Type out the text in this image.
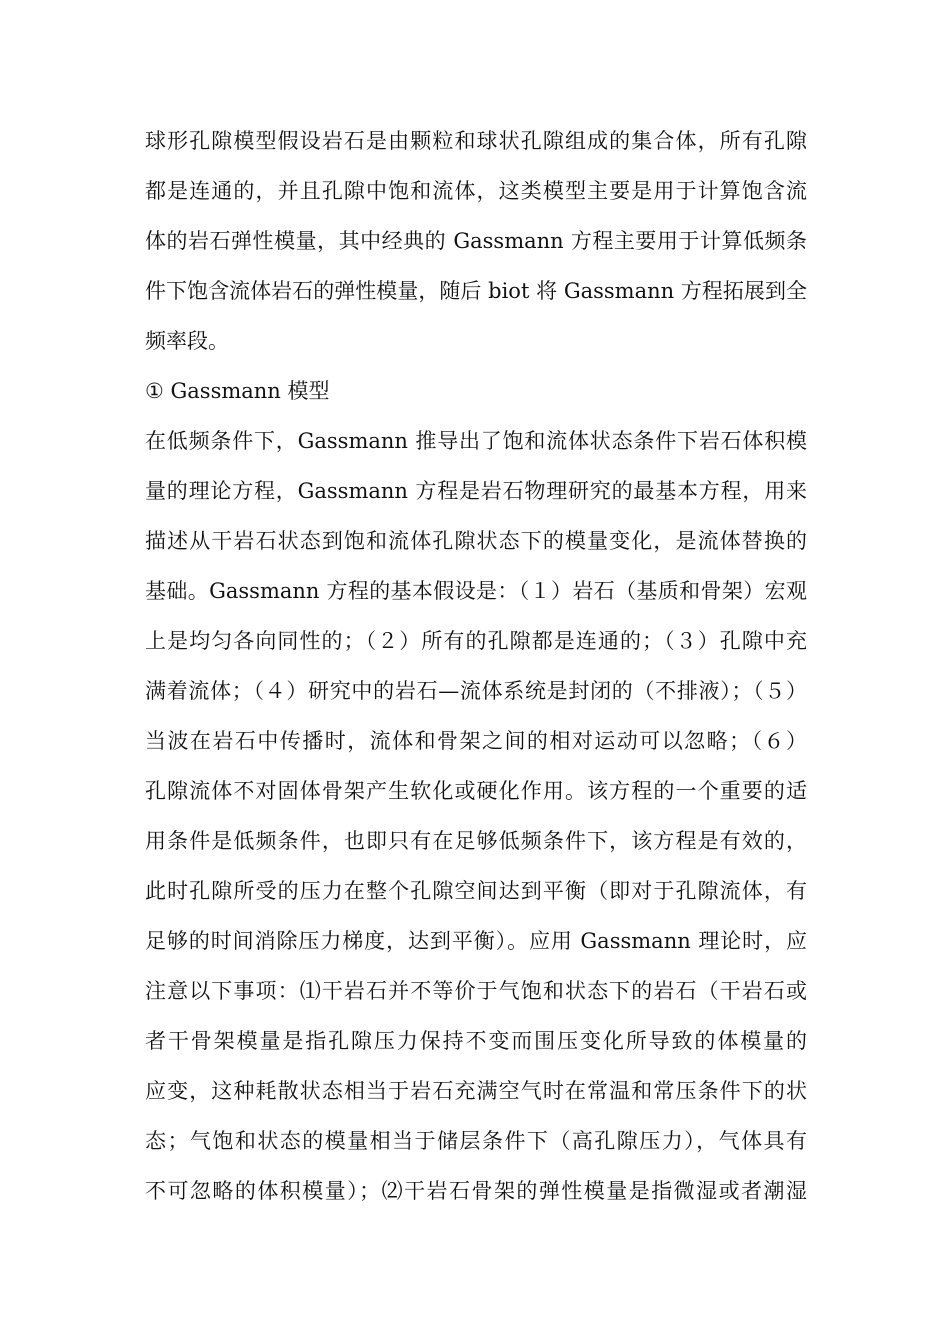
球形孔隙模型假设岩石是由颗粒和球状孔隙组成的集合体，所有孔隙
都是连通的，并且孔隙中饱和流体，这类模型主要是用于计算饱含流
体的岩石弹性模量，其中经典的 Gassmann 方程主要用于计算低频条
件下饱含流体岩石的弹性模量，随后 biot 将 Gassmann 方程拓展到全
频率段。
① Gassmann 模型
在低频条件下，Gassmann 推导出了饱和流体状态条件下岩石体积模
量的理论方程，Gassmann 方程是岩石物理研究的最基本方程，用来
描述从干岩石状态到饱和流体孔隙状态下的模量变化，是流体替换的
基础。Gassmann 方程的基本假设是：（１）岩石（基质和骨架）宏观
上是均匀各向同性的；（２）所有的孔隙都是连通的；（３）孔隙中充
满着流体；（４）研究中的岩石—流体系统是封闭的（不排液）；（５）
当波在岩石中传播时，流体和骨架之间的相对运动可以忽略；（６）
孔隙流体不对固体骨架产生软化或硬化作用。该方程的一个重要的适
用条件是低频条件，也即只有在足够低频条件下，该方程是有效的，
此时孔隙所受的压力在整个孔隙空间达到平衡（即对于孔隙流体，有
足够的时间消除压力梯度，达到平衡）。应用 Gassmann 理论时，应
注意以下事项：⑴干岩石并不等价于气饱和状态下的岩石（干岩石或
者干骨架模量是指孔隙压力保持不变而围压变化所导致的体模量的
应变，这种耗散状态相当于岩石充满空气时在常温和常压条件下的状
态；气饱和状态的模量相当于储层条件下（高孔隙压力），气体具有
不可忽略的体积模量）；⑵干岩石骨架的弹性模量是指微湿或者潮湿
